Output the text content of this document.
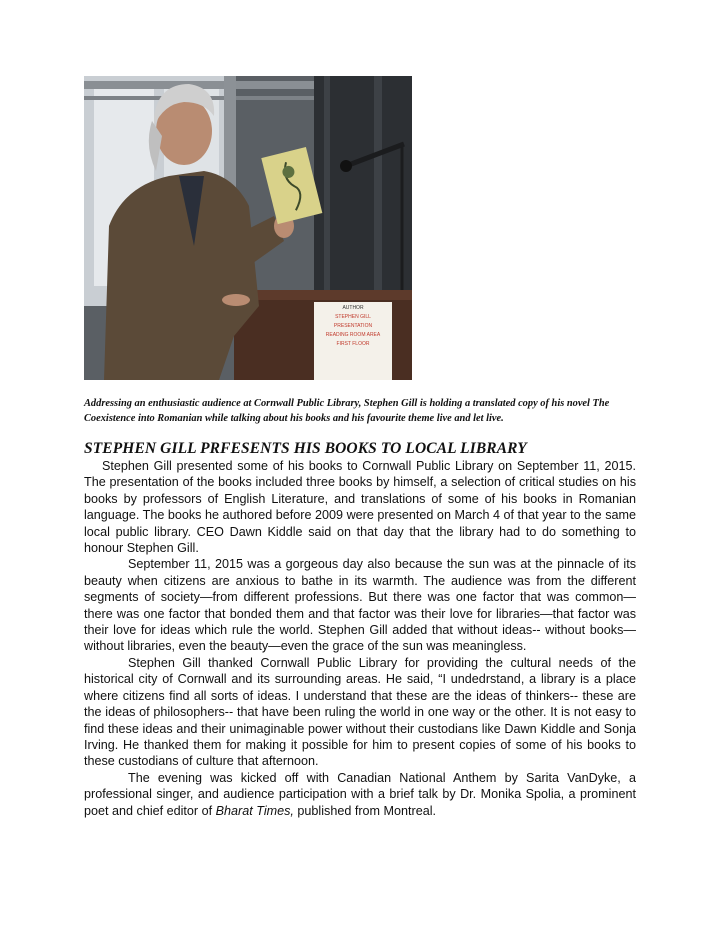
AUTHOR
STEPHEN GILL
PRESENTATION
READING ROOM AREA
FIRST FLOOR

Addressing an enthusiastic audience at Cornwall Public Library, Stephen Gill is holding a translated copy of his novel The Coexistence into Romanian while talking about his books and his favourite theme live and let live.

STEPHEN GILL PRFESENTS HIS BOOKS TO LOCAL LIBRARY

Stephen Gill presented some of his books to Cornwall Public Library on September 11, 2015. The presentation of the books included three books by himself, a selection of critical studies on his books by professors of English Literature, and translations of some of his books in Romanian language. The books he authored before 2009 were presented on March 4 of that year to the same local public library. CEO Dawn Kiddle said on that day that the library had to do something to honour Stephen Gill.

September 11, 2015 was a gorgeous day also because the sun was at the pinnacle of its beauty when citizens are anxious to bathe in its warmth. The audience was from the different segments of society—from different professions. But there was one factor that was common—there was one factor that bonded them and that factor was their love for libraries—that factor was their love for ideas which rule the world. Stephen Gill added that without ideas-- without books—without libraries, even the beauty—even the grace of the sun was meaningless.

Stephen Gill thanked Cornwall Public Library for providing the cultural needs of the historical city of Cornwall and its surrounding areas. He said, “I undedrstand, a library is a place where citizens find all sorts of ideas. I understand that these are the ideas of thinkers-- these are the ideas of philosophers-- that have been ruling the world in one way or the other. It is not easy to find these ideas and their unimaginable power without their custodians like Dawn Kiddle and Sonja Irving. He thanked them for making it possible for him to present copies of some of his books to these custodians of culture that afternoon.

The evening was kicked off with Canadian National Anthem by Sarita VanDyke, a professional singer, and audience participation with a brief talk by Dr. Monika Spolia, a prominent poet and chief editor of Bharat Times, published from Montreal.
